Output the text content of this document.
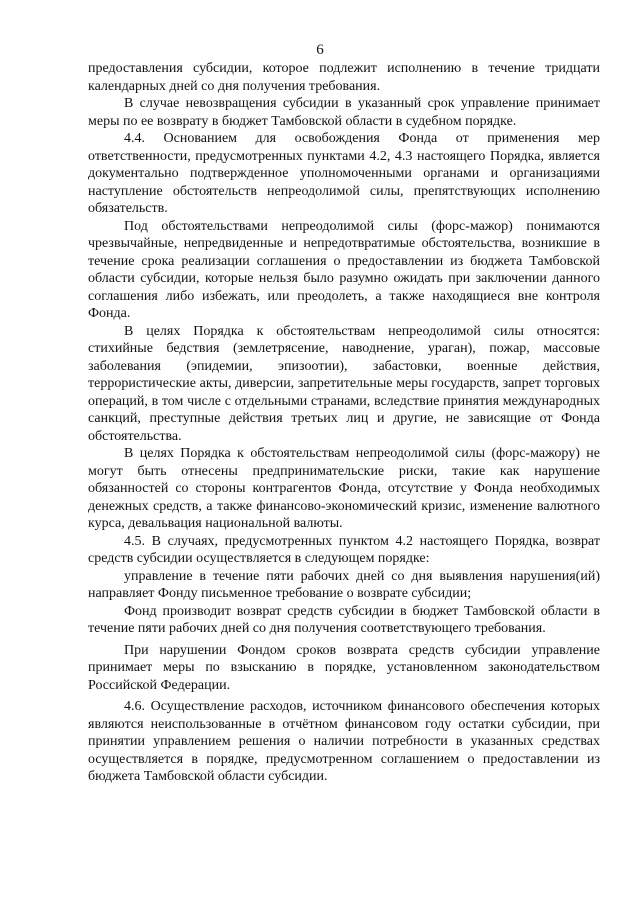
6

предоставления субсидии, которое подлежит исполнению в течение тридцати календарных дней со дня получения требования.

В случае невозвращения субсидии в указанный срок управление принимает меры по ее возврату в бюджет Тамбовской области в судебном порядке.

4.4. Основанием для освобождения Фонда от применения мер ответственности, предусмотренных пунктами 4.2, 4.3 настоящего Порядка, является документально подтвержденное уполномоченными органами и организациями наступление обстоятельств непреодолимой силы, препятствующих исполнению обязательств.

Под обстоятельствами непреодолимой силы (форс-мажор) понимаются чрезвычайные, непредвиденные и непредотвратимые обстоятельства, возникшие в течение срока реализации соглашения о предоставлении из бюджета Тамбовской области субсидии, которые нельзя было разумно ожидать при заключении данного соглашения либо избежать, или преодолеть, а также находящиеся вне контроля Фонда.

В целях Порядка к обстоятельствам непреодолимой силы относятся: стихийные бедствия (землетрясение, наводнение, ураган), пожар, массовые заболевания (эпидемии, эпизоотии), забастовки, военные действия, террористические акты, диверсии, запретительные меры государств, запрет торговых операций, в том числе с отдельными странами, вследствие принятия международных санкций, преступные действия третьих лиц и другие, не зависящие от Фонда обстоятельства.

В целях Порядка к обстоятельствам непреодолимой силы (форс-мажору) не могут быть отнесены предпринимательские риски, такие как нарушение обязанностей со стороны контрагентов Фонда, отсутствие у Фонда необходимых денежных средств, а также финансово-экономический кризис, изменение валютного курса, девальвация национальной валюты.

4.5. В случаях, предусмотренных пунктом 4.2 настоящего Порядка, возврат средств субсидии осуществляется в следующем порядке:

управление в течение пяти рабочих дней со дня выявления нарушения(ий) направляет Фонду письменное требование о возврате субсидии;

Фонд производит возврат средств субсидии в бюджет Тамбовской области в течение пяти рабочих дней со дня получения соответствующего требования.

При нарушении Фондом сроков возврата средств субсидии управление принимает меры по взысканию в порядке, установленном законодательством Российской Федерации.

4.6. Осуществление расходов, источником финансового обеспечения которых являются неиспользованные в отчётном финансовом году остатки субсидии, при принятии управлением решения о наличии потребности в указанных средствах осуществляется в порядке, предусмотренном соглашением о предоставлении из бюджета Тамбовской области субсидии.
